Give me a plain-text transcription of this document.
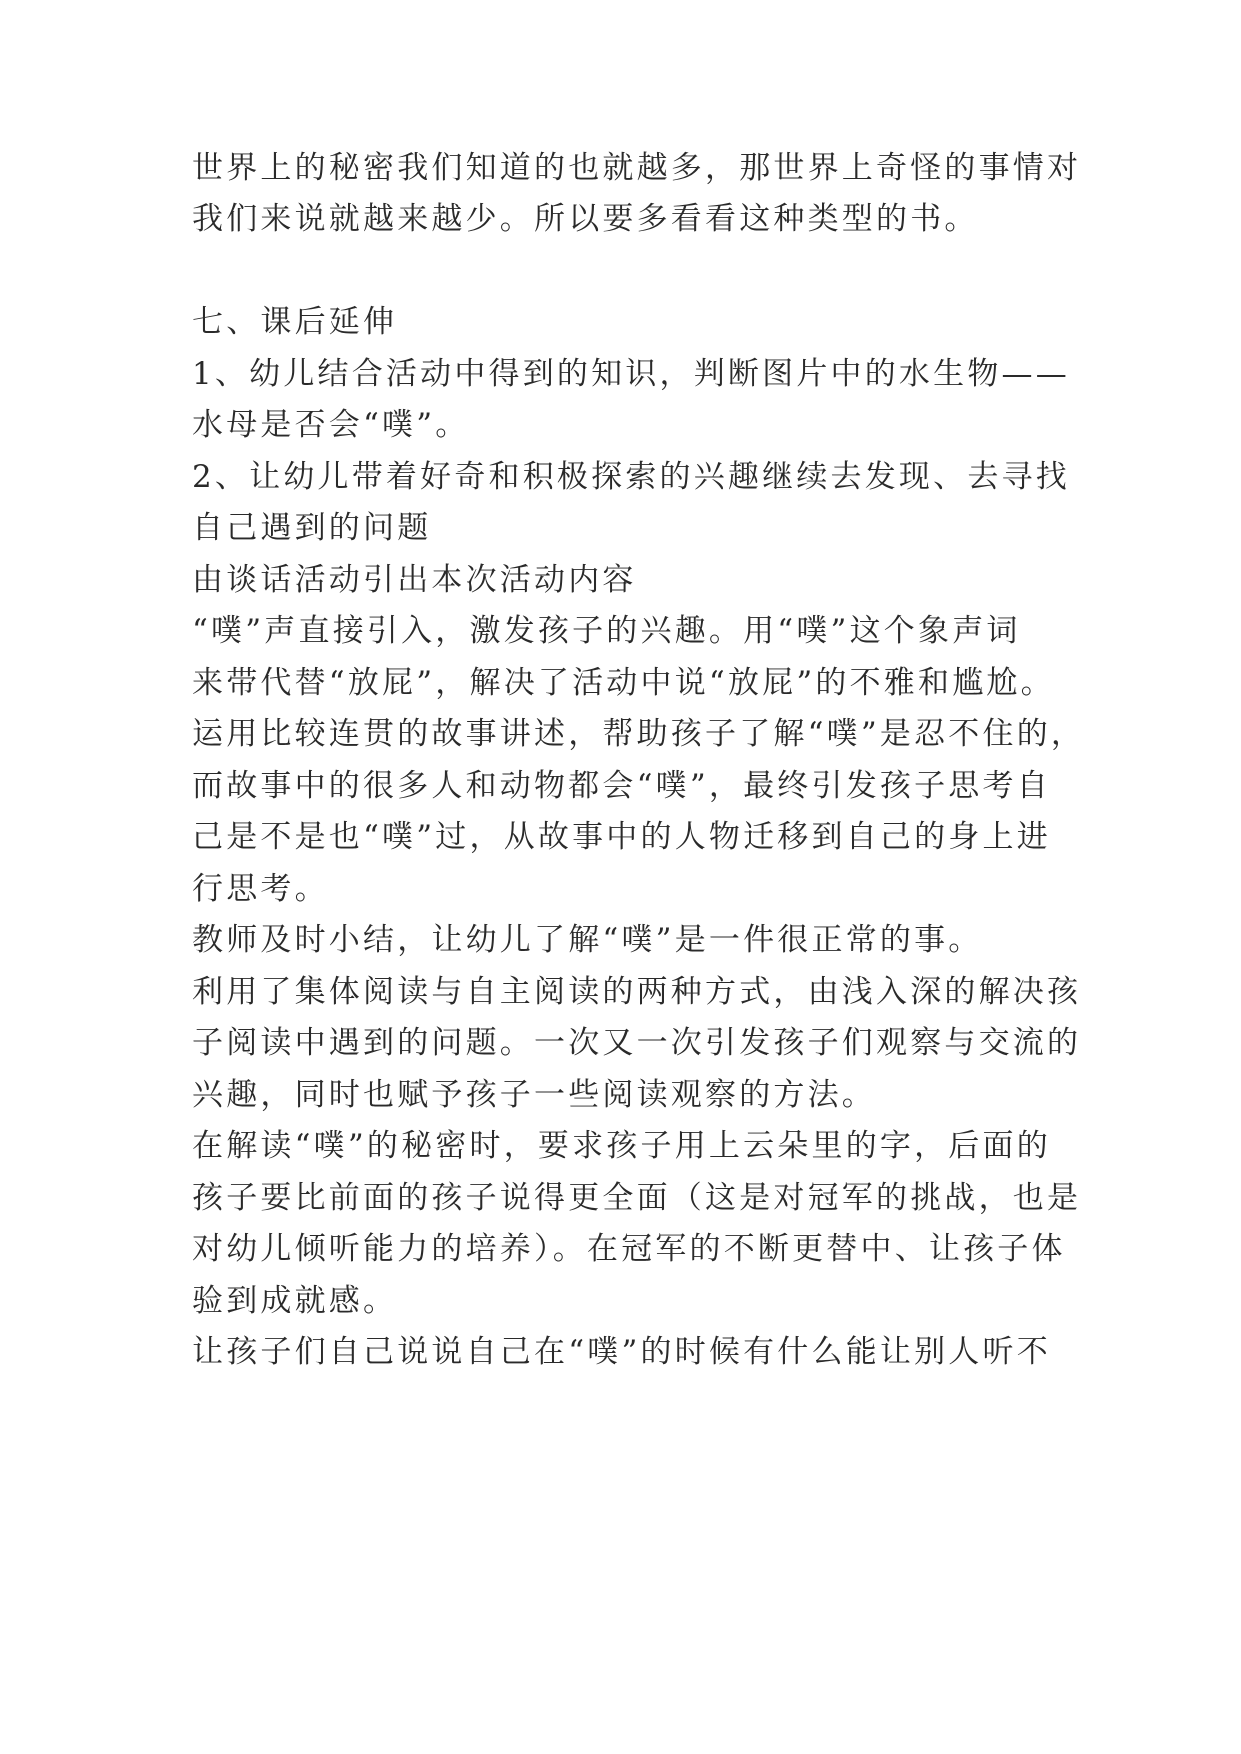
世界上的秘密我们知道的也就越多，那世界上奇怪的事情对
我们来说就越来越少。所以要多看看这种类型的书。
七、课后延伸
1、幼儿结合活动中得到的知识，判断图片中的水生物——
水母是否会“噗”。
2、让幼儿带着好奇和积极探索的兴趣继续去发现、去寻找
自己遇到的问题
由谈话活动引出本次活动内容
“噗”声直接引入，激发孩子的兴趣。用“噗”这个象声词
来带代替“放屁”，解决了活动中说“放屁”的不雅和尴尬。
运用比较连贯的故事讲述，帮助孩子了解“噗”是忍不住的，
而故事中的很多人和动物都会“噗”，最终引发孩子思考自
己是不是也“噗”过，从故事中的人物迁移到自己的身上进
行思考。
教师及时小结，让幼儿了解“噗”是一件很正常的事。
利用了集体阅读与自主阅读的两种方式，由浅入深的解决孩
子阅读中遇到的问题。一次又一次引发孩子们观察与交流的
兴趣，同时也赋予孩子一些阅读观察的方法。
在解读“噗”的秘密时，要求孩子用上云朵里的字，后面的
孩子要比前面的孩子说得更全面（这是对冠军的挑战，也是
对幼儿倾听能力的培养）。在冠军的不断更替中、让孩子体
验到成就感。
让孩子们自己说说自己在“噗”的时候有什么能让别人听不
